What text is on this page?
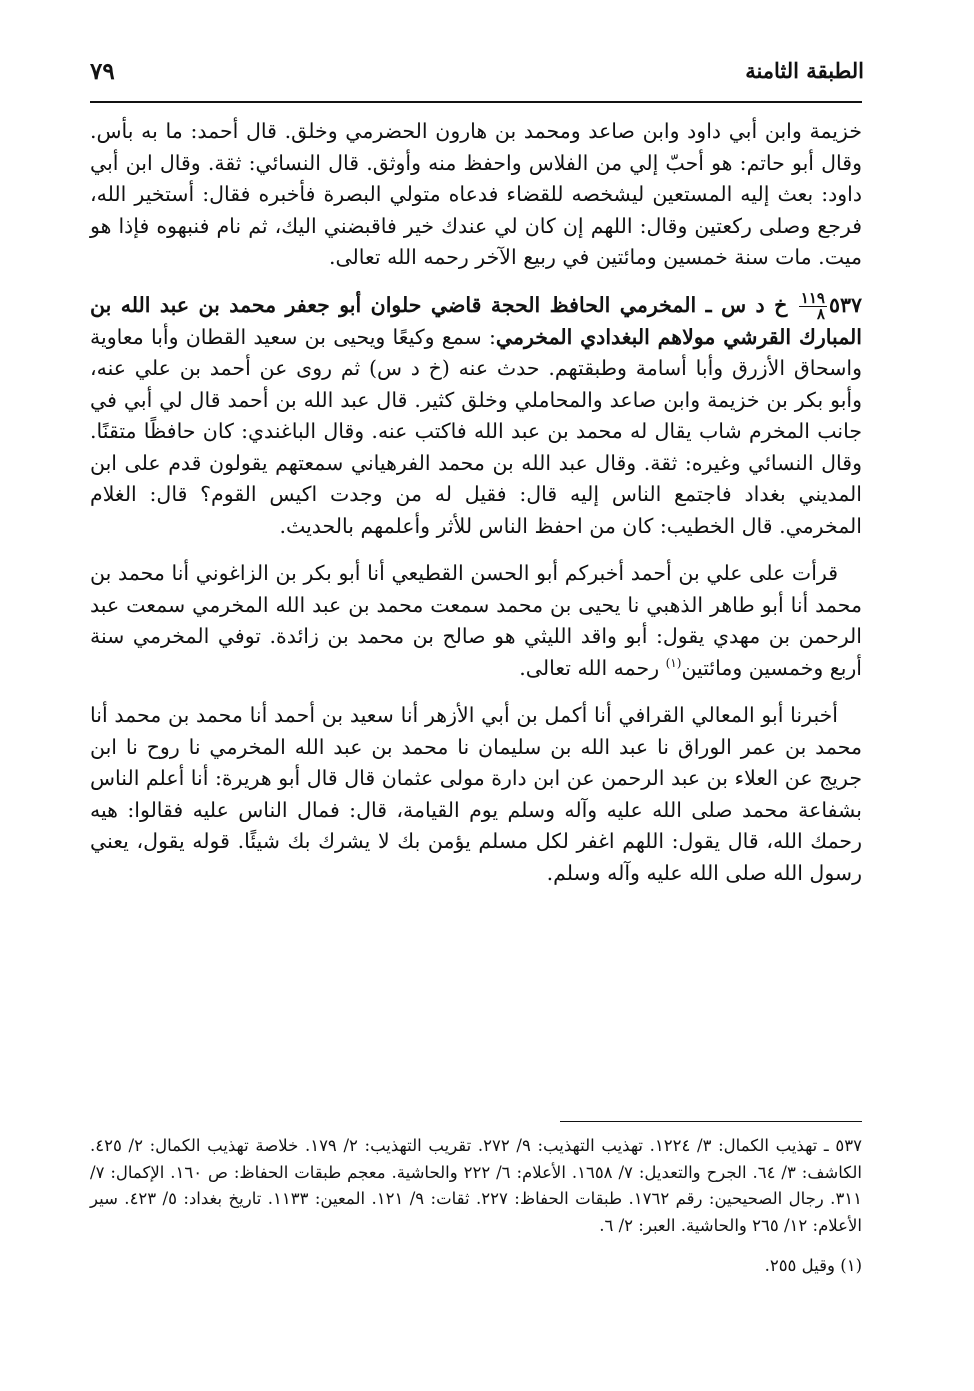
الطبقة الثامنة
٧٩

خزيمة وابن أبي داود وابن صاعد ومحمد بن هارون الحضرمي وخلق. قال أحمد: ما به بأس. وقال أبو حاتم: هو أحبّ إلي من الفلاس واحفظ منه وأوثق. قال النسائي: ثقة. وقال ابن أبي داود: بعث إليه المستعين ليشخصه للقضاء فدعاه متولي البصرة فأخبره فقال: أستخير الله، فرجع وصلى ركعتين وقال: اللهم إن كان لي عندك خير فاقبضني اليك، ثم نام فنبهوه فإذا هو ميت. مات سنة خمسين ومائتين في ربيع الآخر رحمه الله تعالى.

٥٣٧
$\frac{١١٩}{٨}$
خ د س ـ المخرمي الحافظ الحجة قاضي حلوان أبو جعفر محمد بن عبد الله بن المبارك القرشي مولاهم البغدادي المخرمي: سمع وكيعًا ويحيى بن سعيد القطان وأبا معاوية واسحاق الأزرق وأبا أسامة وطبقتهم. حدث عنه (خ د س) ثم روى عن أحمد بن علي عنه، وأبو بكر بن خزيمة وابن صاعد والمحاملي وخلق كثير. قال عبد الله بن أحمد قال لي أبي في جانب المخرم شاب يقال له محمد بن عبد الله فاكتب عنه. وقال الباغندي: كان حافظًا متقنًا. وقال النسائي وغيره: ثقة. وقال عبد الله بن محمد الفرهياني سمعتهم يقولون قدم على ابن المديني بغداد فاجتمع الناس إليه قال: فقيل له من وجدت اكيس القوم؟ قال: الغلام المخرمي. قال الخطيب: كان من احفظ الناس للأثر وأعلمهم بالحديث.

قرأت على علي بن أحمد أخبركم أبو الحسن القطيعي أنا أبو بكر بن الزاغوني أنا محمد بن محمد أنا أبو طاهر الذهبي نا يحيى بن محمد سمعت محمد بن عبد الله المخرمي سمعت عبد الرحمن بن مهدي يقول: أبو واقد الليثي هو صالح بن محمد بن زائدة. توفي المخرمي سنة أربع وخمسين ومائتين$^{(١)}$ رحمه الله تعالى.

أخبرنا أبو المعالي القرافي أنا أكمل بن أبي الأزهر أنا سعيد بن أحمد أنا محمد بن محمد أنا محمد بن عمر الوراق نا عبد الله بن سليمان نا محمد بن عبد الله المخرمي نا روح نا ابن جريج عن العلاء بن عبد الرحمن عن ابن دارة مولى عثمان قال قال أبو هريرة: أنا أعلم الناس بشفاعة محمد صلى الله عليه وآله وسلم يوم القيامة، قال: فمال الناس عليه فقالوا: هيه رحمك الله، قال يقول: اللهم اغفر لكل مسلم يؤمن بك لا يشرك بك شيئًا. قوله يقول، يعني رسول الله صلى الله عليه وآله وسلم.

٥٣٧ ـ تهذيب الكمال: ٣/ ١٢٢٤. تهذيب التهذيب: ٩/ ٢٧٢. تقريب التهذيب: ٢/ ١٧٩. خلاصة تهذيب الكمال: ٢/ ٤٢٥. الكاشف: ٣/ ٦٤. الجرح والتعديل: ٧/ ١٦٥٨. الأعلام: ٦/ ٢٢٢ والحاشية. معجم طبقات الحفاظ: ص ١٦٠. الإكمال: ٧/ ٣١١. رجال الصحيحين: رقم ١٧٦٢. طبقات الحفاظ: ٢٢٧. ثقات: ٩/ ١٢١. المعين: ١١٣٣. تاريخ بغداد: ٥/ ٤٢٣. سير الأعلام: ١٢/ ٢٦٥ والحاشية. العبر: ٢/ ٦.

(١) وقيل ٢٥٥.
